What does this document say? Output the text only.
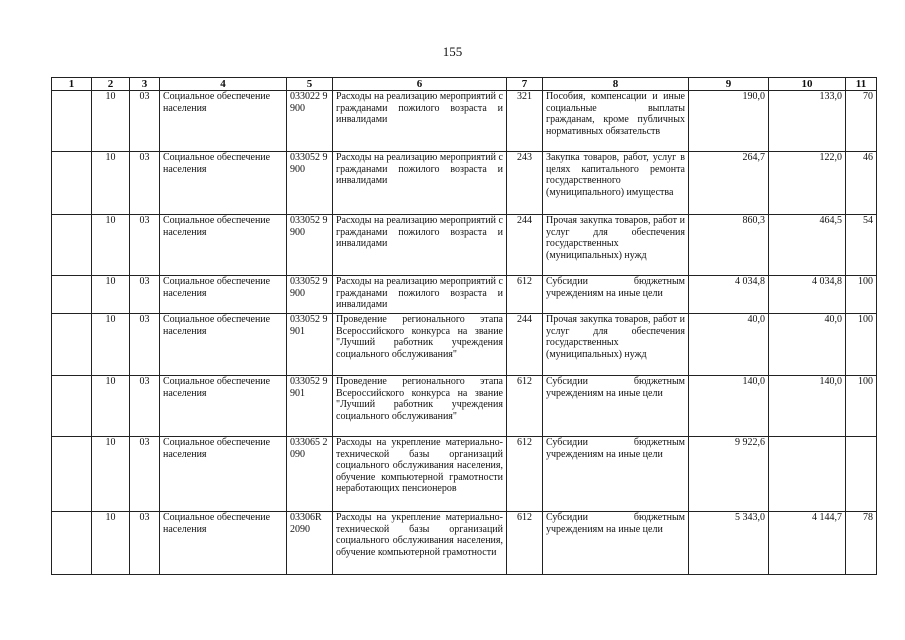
155
1	2	3	4	5	6	7	8	9	10	11
	10	03	Социальное обеспечение населения	033022 9900	Расходы на реализацию мероприятий с гражданами пожилого возраста и инвалидами	321	Пособия, компенсации и иные социальные выплаты гражданам, кроме публичных нормативных обязательств	190,0	133,0	70
	10	03	Социальное обеспечение населения	033052 9900	Расходы на реализацию мероприятий с гражданами пожилого возраста и инвалидами	243	Закупка товаров, работ, услуг в целях капитального ремонта государственного (муниципального) имущества	264,7	122,0	46
	10	03	Социальное обеспечение населения	033052 9900	Расходы на реализацию мероприятий с гражданами пожилого возраста и инвалидами	244	Прочая закупка товаров, работ и услуг для обеспечения государственных (муниципальных) нужд	860,3	464,5	54
	10	03	Социальное обеспечение населения	033052 9900	Расходы на реализацию мероприятий с гражданами пожилого возраста и инвалидами	612	Субсидии бюджетным учреждениям на иные цели	4 034,8	4 034,8	100
	10	03	Социальное обеспечение населения	033052 9901	Проведение регионального этапа Всероссийского конкурса на звание "Лучший работник учреждения социального обслуживания"	244	Прочая закупка товаров, работ и услуг для обеспечения государственных (муниципальных) нужд	40,0	40,0	100
	10	03	Социальное обеспечение населения	033052 9901	Проведение регионального этапа Всероссийского конкурса на звание "Лучший работник учреждения социального обслуживания"	612	Субсидии бюджетным учреждениям на иные цели	140,0	140,0	100
	10	03	Социальное обеспечение населения	033065 2090	Расходы на укрепление материально-технической базы организаций социального обслуживания населения, обучение компьютерной грамотности неработающих пенсионеров	612	Субсидии бюджетным учреждениям на иные цели	9 922,6		
	10	03	Социальное обеспечение населения	03306R 2090	Расходы на укрепление материально-технической базы организаций социального обслуживания населения, обучение компьютерной грамотности	612	Субсидии бюджетным учреждениям на иные цели	5 343,0	4 144,7	78
